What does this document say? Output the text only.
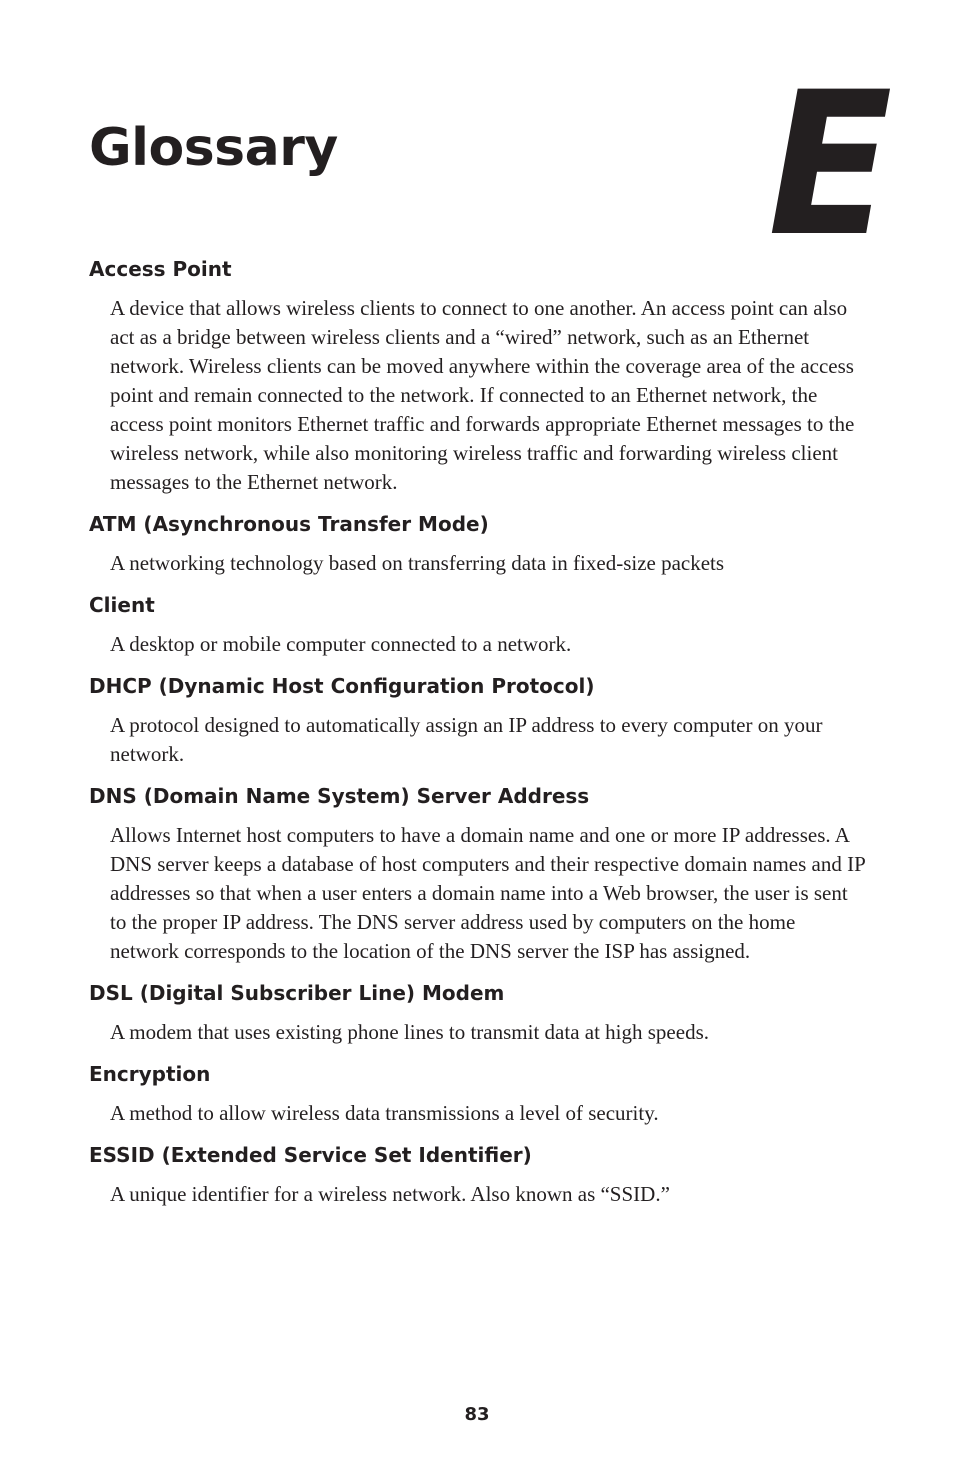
Glossary E
Access Point

A device that allows wireless clients to connect to one another. An access point can also act as a bridge between wireless clients and a “wired” network, such as an Ethernet network. Wireless clients can be moved anywhere within the coverage area of the access point and remain connected to the network. If connected to an Ethernet network, the access point monitors Ethernet traffic and forwards appropriate Ethernet messages to the wireless network, while also monitoring wireless traffic and forwarding wireless client messages to the Ethernet network.

ATM (Asynchronous Transfer Mode)

A networking technology based on transferring data in fixed-size packets

Client

A desktop or mobile computer connected to a network.

DHCP (Dynamic Host Configuration Protocol)

A protocol designed to automatically assign an IP address to every computer on your network.

DNS (Domain Name System) Server Address

Allows Internet host computers to have a domain name and one or more IP addresses. A DNS server keeps a database of host computers and their respective domain names and IP addresses so that when a user enters a domain name into a Web browser, the user is sent to the proper IP address. The DNS server address used by computers on the home network corresponds to the location of the DNS server the ISP has assigned.

DSL (Digital Subscriber Line) Modem

A modem that uses existing phone lines to transmit data at high speeds.

Encryption

A method to allow wireless data transmissions a level of security.

ESSID (Extended Service Set Identifier)

A unique identifier for a wireless network. Also known as “SSID.”

83
